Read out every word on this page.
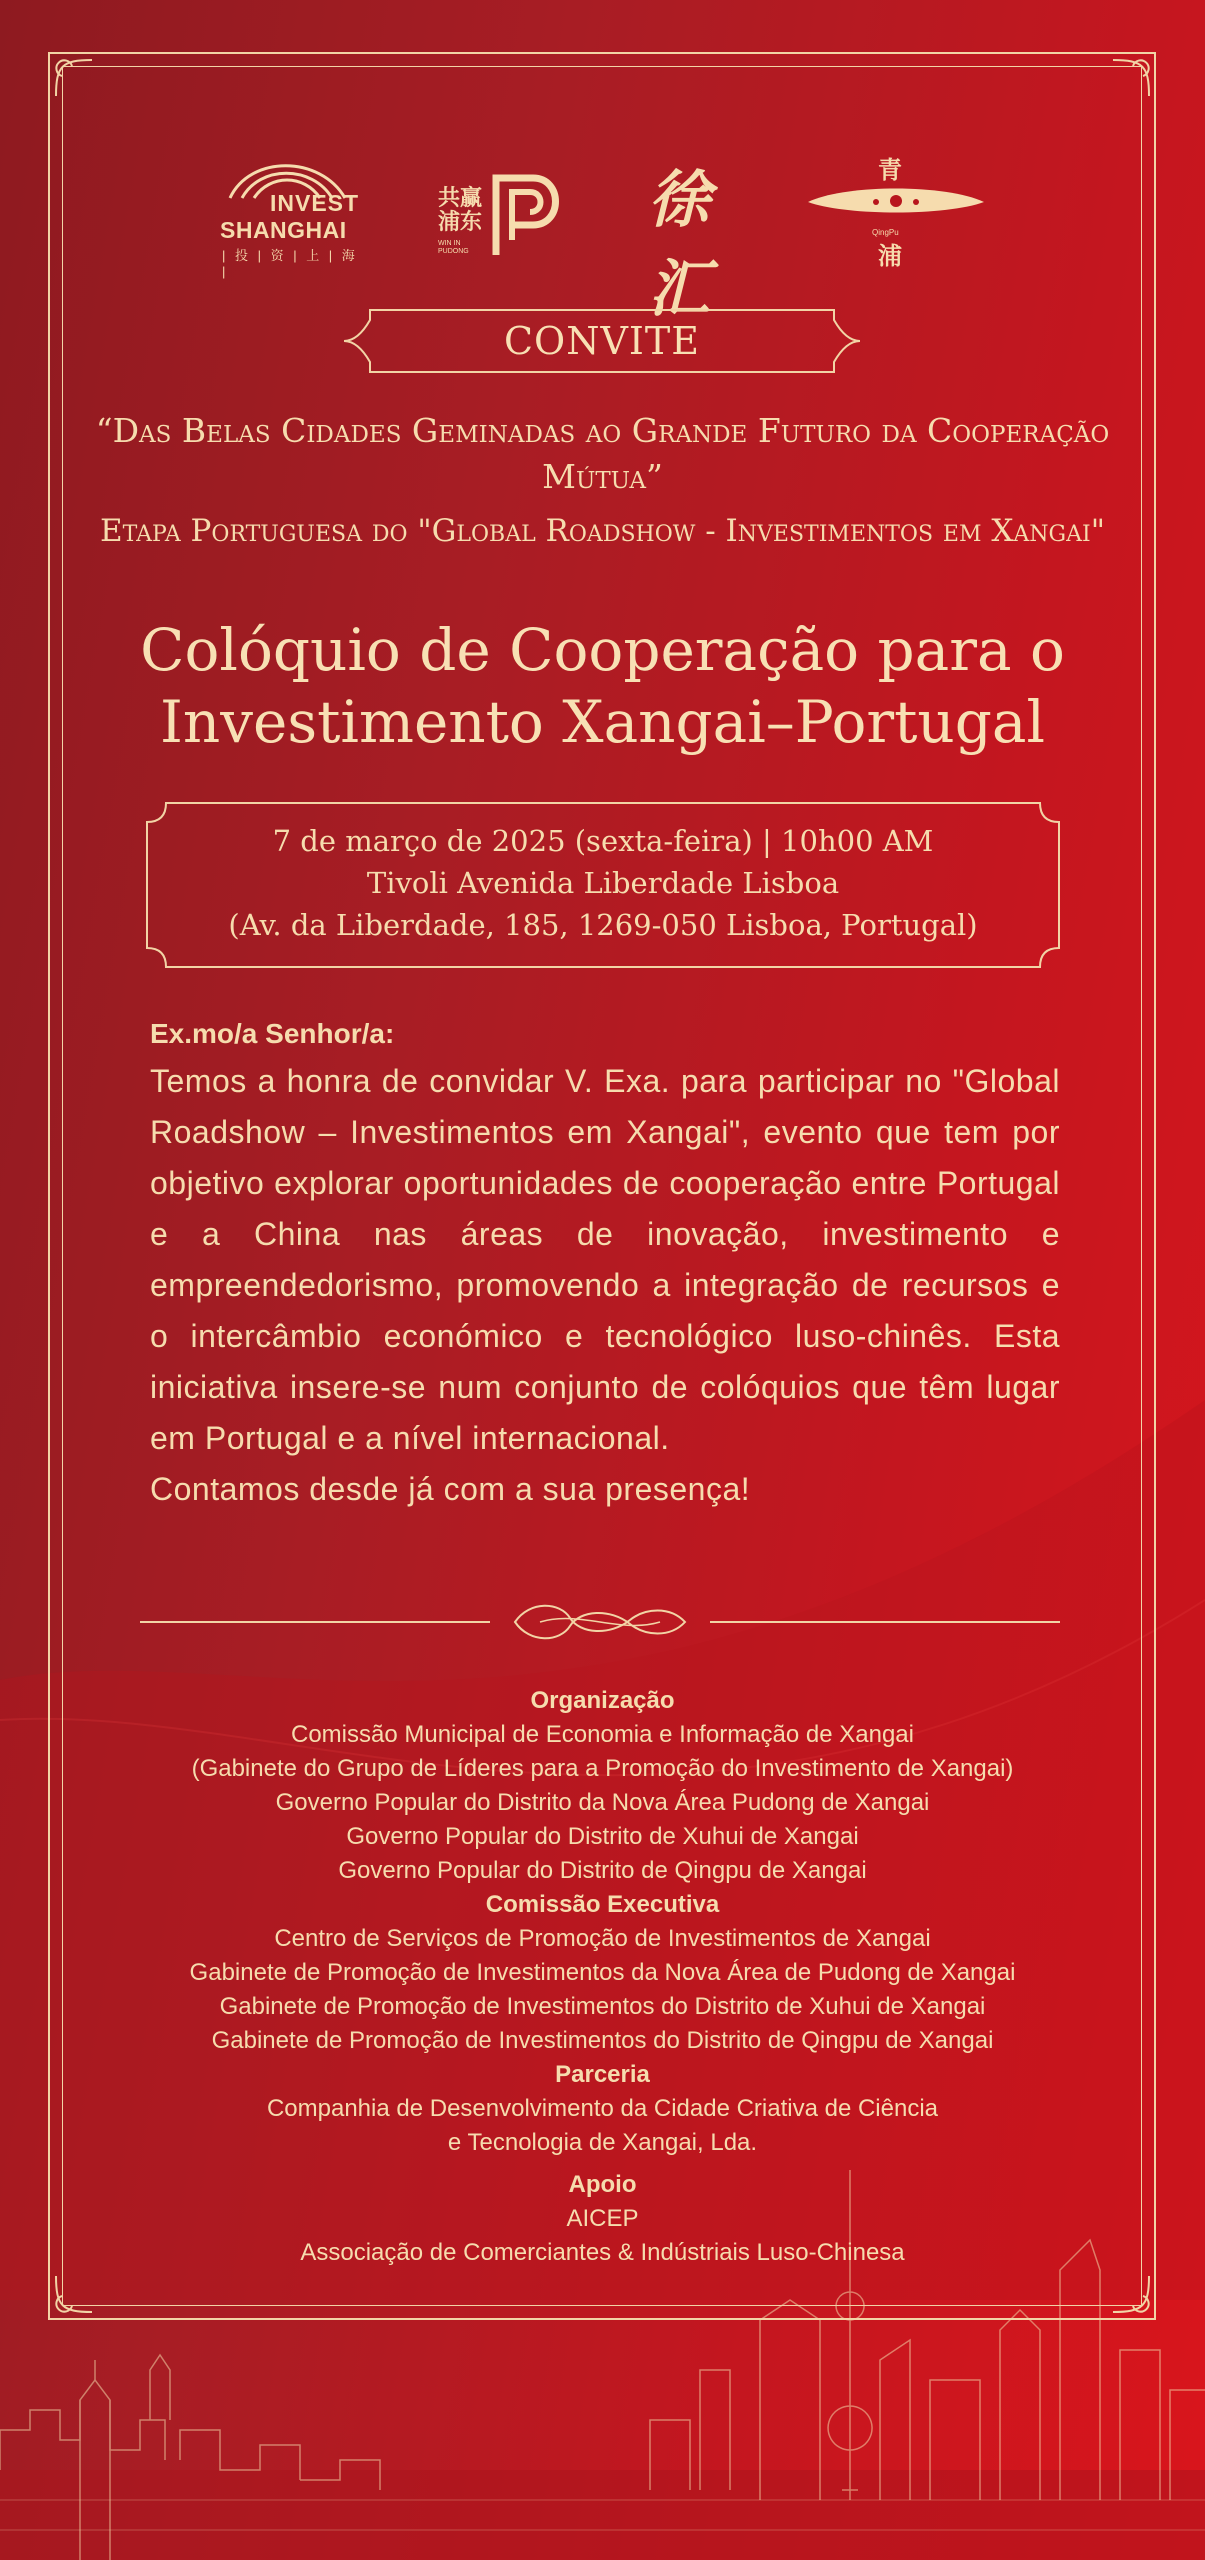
INVEST
SHANGHAI
| 投 | 资 | 上 | 海 |
共赢浦东
WIN IN PUDONG
徐汇
青
QingPu
浦
CONVITE
“Das Belas Cidades Geminadas ao Grande Futuro da Cooperação Mútua”
Etapa Portuguesa do "Global Roadshow - Investimentos em Xangai"
Colóquio de Cooperação para o Investimento Xangai–Portugal
7 de março de 2025 (sexta-feira) | 10h00 AM
Tivoli Avenida Liberdade Lisboa
(Av. da Liberdade, 185, 1269-050 Lisboa, Portugal)
Ex.mo/a Senhor/a:
Temos a honra de convidar V. Exa. para participar no "Global Roadshow – Investimentos em Xangai", evento que tem por objetivo explorar oportunidades de cooperação entre Portugal e a China nas áreas de inovação, investimento e empreendedorismo, promovendo a integração de recursos e o intercâmbio económico e tecnológico luso-chinês. Esta iniciativa insere-se num conjunto de colóquios que têm lugar em Portugal e a nível internacional.
Contamos desde já com a sua presença!
Organização
Comissão Municipal de Economia e Informação de Xangai
(Gabinete do Grupo de Líderes para a Promoção do Investimento de Xangai)
Governo Popular do Distrito da Nova Área Pudong de Xangai
Governo Popular do Distrito de Xuhui de Xangai
Governo Popular do Distrito de Qingpu de Xangai
Comissão Executiva
Centro de Serviços de Promoção de Investimentos de Xangai
Gabinete de Promoção de Investimentos da Nova Área de Pudong de Xangai
Gabinete de Promoção de Investimentos do Distrito de Xuhui de Xangai
Gabinete de Promoção de Investimentos do Distrito de Qingpu de Xangai
Parceria
Companhia de Desenvolvimento da Cidade Criativa de Ciência
e Tecnologia de Xangai, Lda.
Apoio
AICEP
Associação de Comerciantes & Indústriais Luso-Chinesa
